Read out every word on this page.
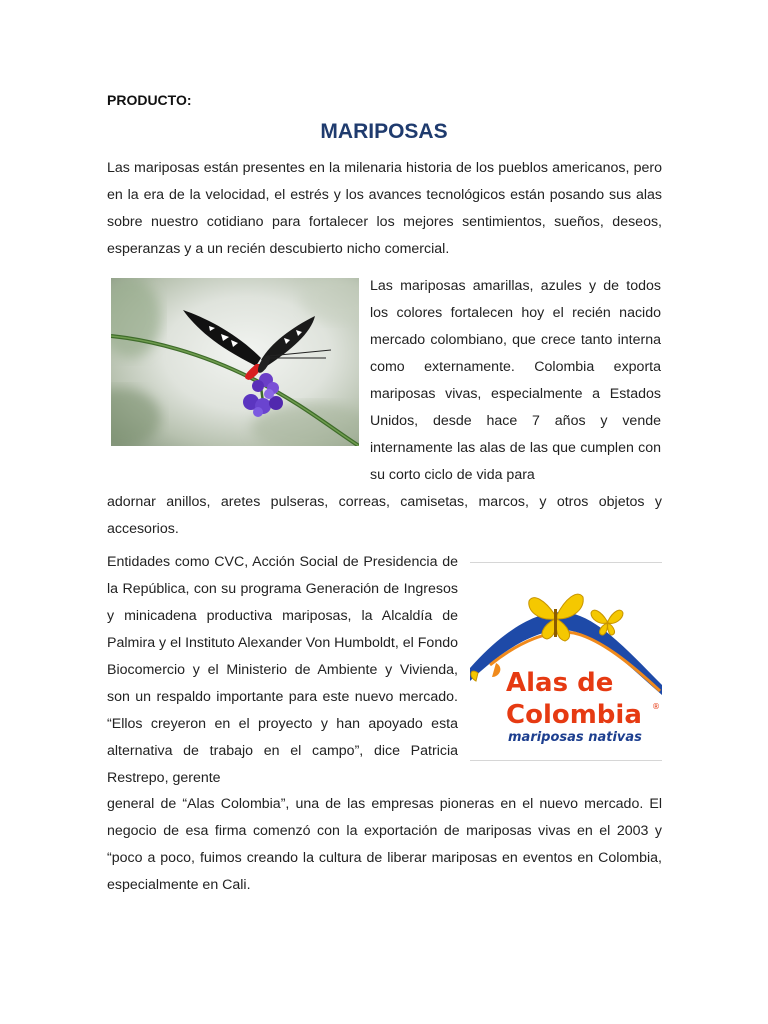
PRODUCTO:
MARIPOSAS

Las mariposas están presentes en la milenaria historia de los pueblos americanos, pero en la era de la velocidad, el estrés y los avances tecnológicos están posando sus alas sobre nuestro cotidiano para fortalecer los mejores sentimientos, sueños, deseos, esperanzas y a un recién descubierto nicho comercial.

Las mariposas amarillas, azules y de todos los colores fortalecen hoy el recién nacido mercado colombiano, que crece tanto interna como externamente. Colombia exporta mariposas vivas, especialmente a Estados Unidos, desde hace 7 años y vende internamente las alas de las que cumplen con su corto ciclo de vida para

adornar anillos, aretes pulseras, correas, camisetas, marcos, y otros objetos y accesorios.

Entidades como CVC, Acción Social de Presidencia de la República, con su programa Generación de Ingresos y minicadena productiva mariposas, la Alcaldía de Palmira y el Instituto Alexander Von Humboldt, el Fondo Biocomercio y el Ministerio de Ambiente y Vivienda, son un respaldo importante para este nuevo mercado. “Ellos creyeron en el proyecto y han apoyado esta alternativa de trabajo en el campo”, dice Patricia Restrepo, gerente

Alas de
Colombia ®
mariposas nativas

general de “Alas Colombia”, una de las empresas pioneras en el nuevo mercado. El negocio de esa firma comenzó con la exportación de mariposas vivas en el 2003 y “poco a poco, fuimos creando la cultura de liberar mariposas en eventos en Colombia, especialmente en Cali.
